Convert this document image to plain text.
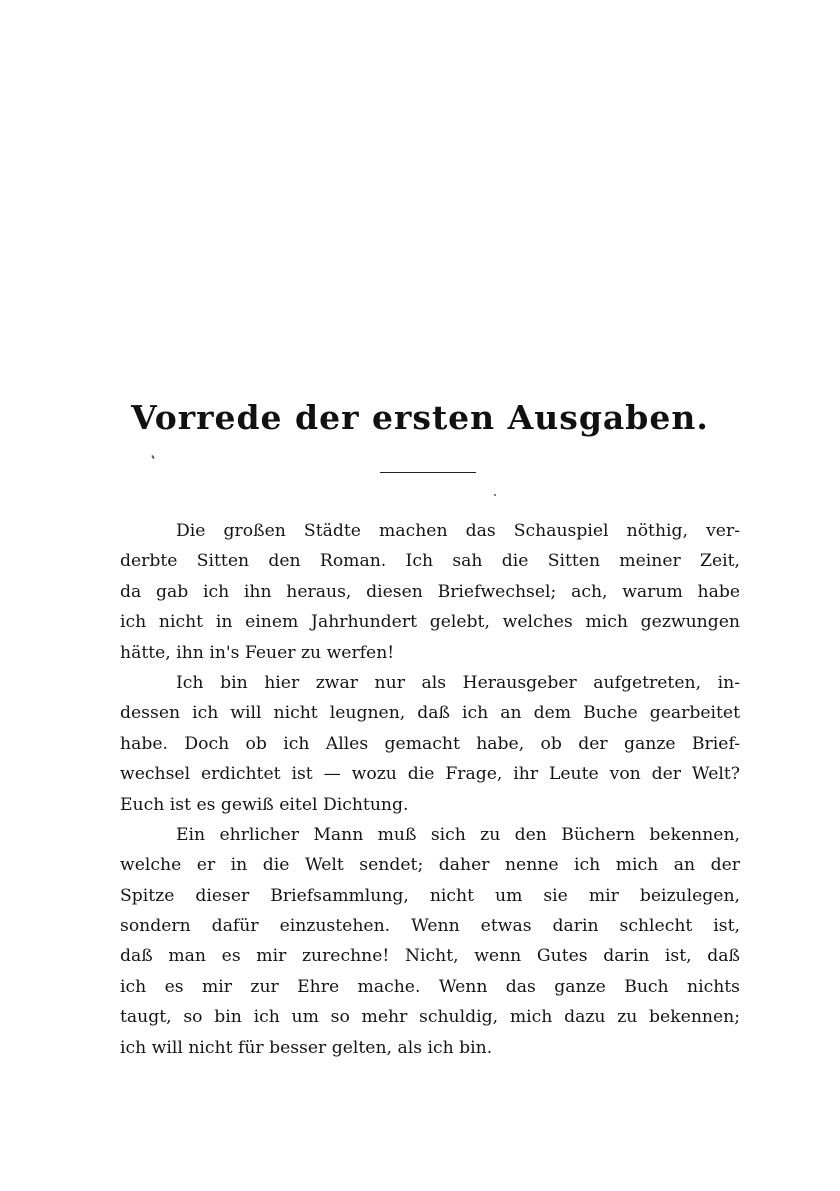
Vorrede der ersten Ausgaben.
Die großen Städte machen das Schauspiel nöthig, ver-
derbte Sitten den Roman. Ich sah die Sitten meiner Zeit,
da gab ich ihn heraus, diesen Briefwechsel; ach, warum habe
ich nicht in einem Jahrhundert gelebt, welches mich gezwungen
hätte, ihn in's Feuer zu werfen!
Ich bin hier zwar nur als Herausgeber aufgetreten, in-
dessen ich will nicht leugnen, daß ich an dem Buche gearbeitet
habe. Doch ob ich Alles gemacht habe, ob der ganze Brief-
wechsel erdichtet ist — wozu die Frage, ihr Leute von der Welt?
Euch ist es gewiß eitel Dichtung.
Ein ehrlicher Mann muß sich zu den Büchern bekennen,
welche er in die Welt sendet; daher nenne ich mich an der
Spitze dieser Briefsammlung, nicht um sie mir beizulegen,
sondern dafür einzustehen. Wenn etwas darin schlecht ist,
daß man es mir zurechne! Nicht, wenn Gutes darin ist, daß
ich es mir zur Ehre mache. Wenn das ganze Buch nichts
taugt, so bin ich um so mehr schuldig, mich dazu zu bekennen;
ich will nicht für besser gelten, als ich bin.
